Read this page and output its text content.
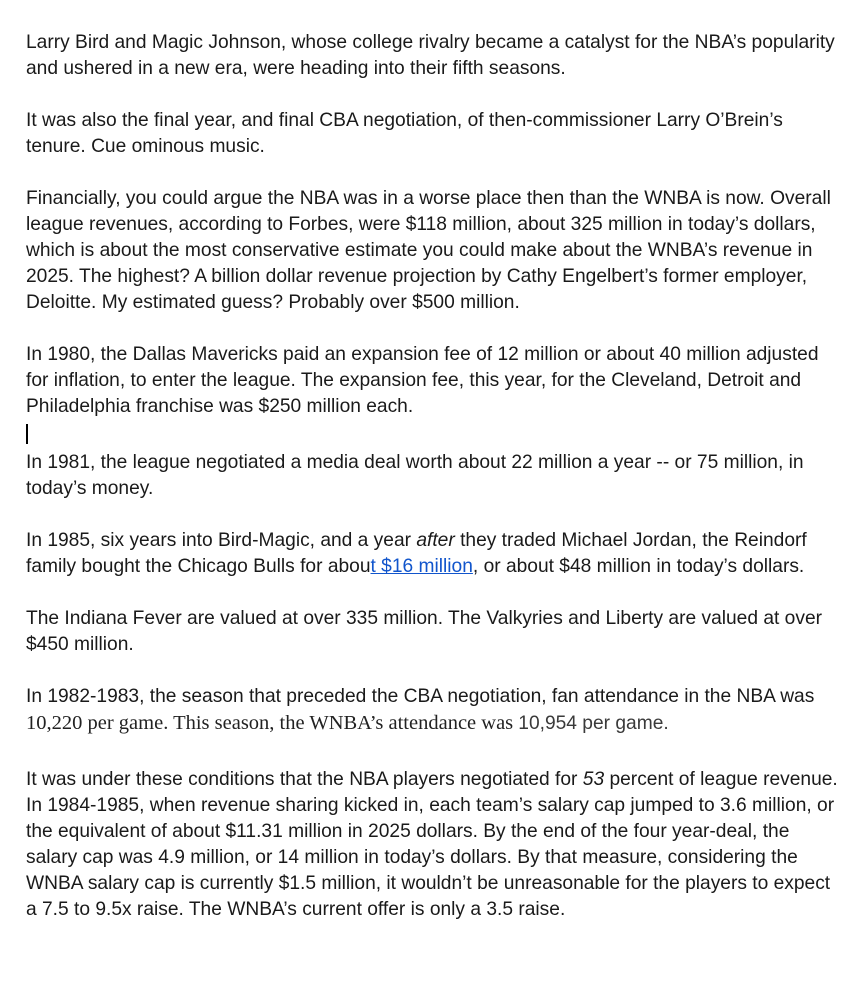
Larry Bird and Magic Johnson, whose college rivalry became a catalyst for the NBA’s popularity and ushered in a new era, were heading into their fifth seasons.

It was also the final year, and final CBA negotiation, of then-commissioner Larry O’Brein’s tenure. Cue ominous music.

Financially, you could argue the NBA was in a worse place then than the WNBA is now. Overall league revenues, according to Forbes, were $118 million, about 325 million in today’s dollars, which is about the most conservative estimate you could make about the WNBA’s revenue in 2025. The highest? A billion dollar revenue projection by Cathy Engelbert’s former employer, Deloitte. My estimated guess? Probably over $500 million.

In 1980, the Dallas Mavericks paid an expansion fee of 12 million or about 40 million adjusted for inflation, to enter the league. The expansion fee, this year, for the Cleveland, Detroit and Philadelphia franchise was $250 million each.

In 1981, the league negotiated a media deal worth about 22 million a year -- or 75 million, in today’s money.

In 1985, six years into Bird-Magic, and a year after they traded Michael Jordan, the Reindorf family bought the Chicago Bulls for about $16 million, or about $48 million in today’s dollars.

The Indiana Fever are valued at over 335 million. The Valkyries and Liberty are valued at over $450 million.

In 1982-1983, the season that preceded the CBA negotiation, fan attendance in the NBA was 10,220 per game. This season, the WNBA’s attendance was 10,954 per game.

It was under these conditions that the NBA players negotiated for 53 percent of league revenue. In 1984-1985, when revenue sharing kicked in, each team’s salary cap jumped to 3.6 million, or the equivalent of about $11.31 million in 2025 dollars. By the end of the four year-deal, the salary cap was 4.9 million, or 14 million in today’s dollars. By that measure, considering the WNBA salary cap is currently $1.5 million, it wouldn’t be unreasonable for the players to expect a 7.5 to 9.5x raise. The WNBA’s current offer is only a 3.5 raise.
